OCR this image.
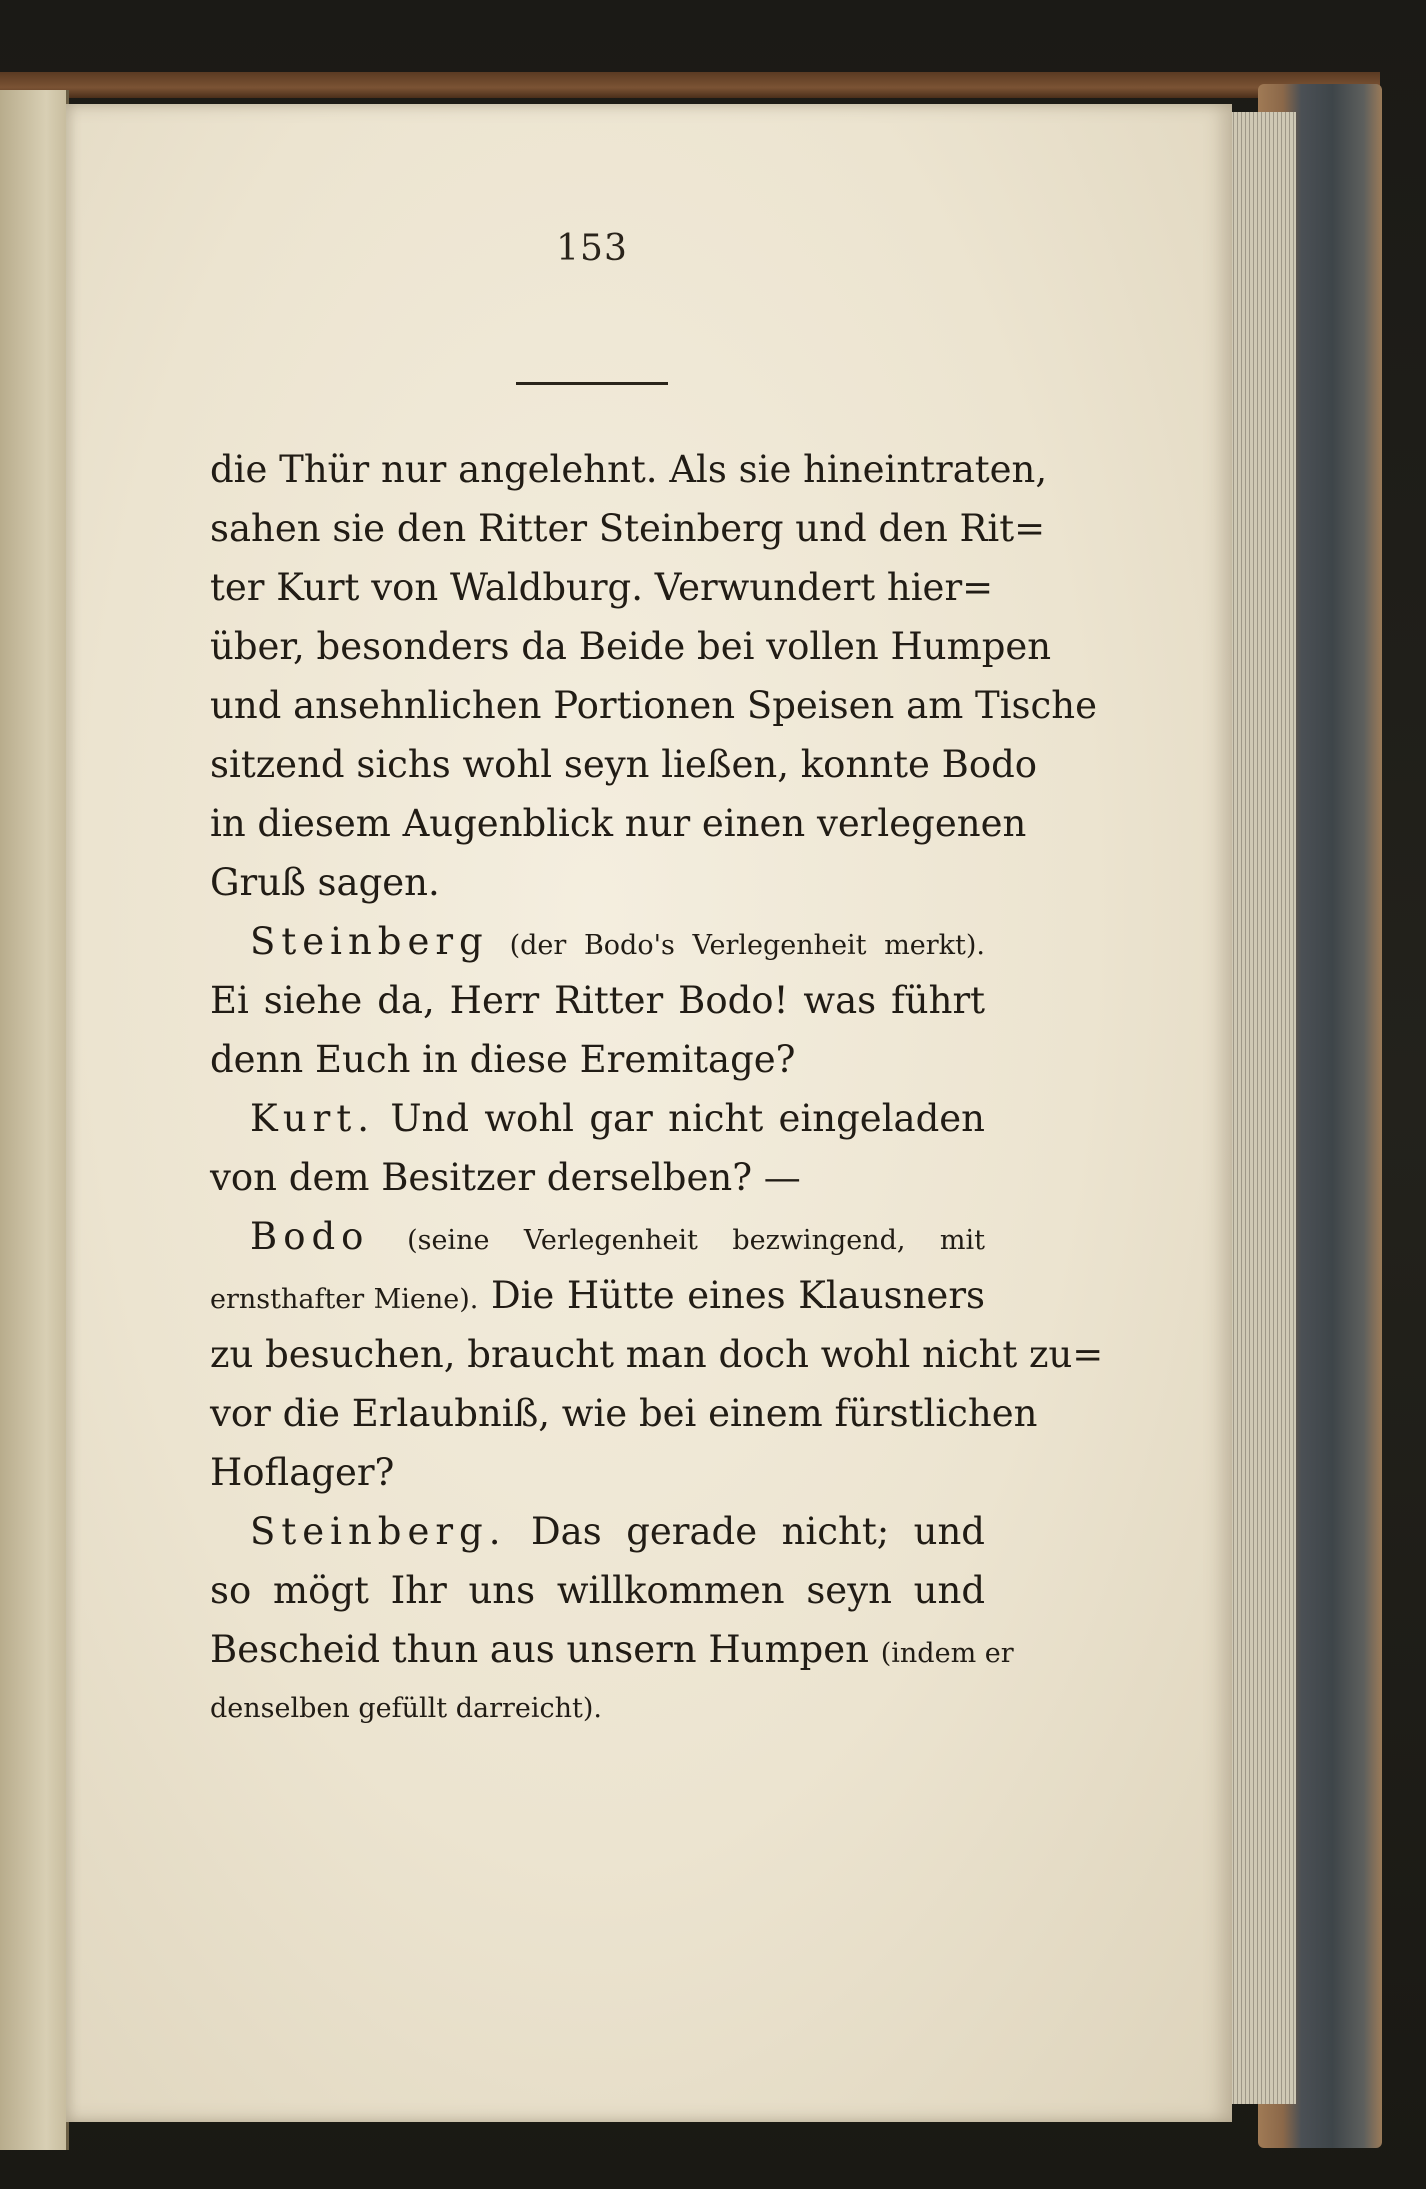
153
die Thür nur angelehnt. Als sie hineintraten,
sahen sie den Ritter Steinberg und den Rit=
ter Kurt von Waldburg. Verwundert hier=
über, besonders da Beide bei vollen Humpen
und ansehnlichen Portionen Speisen am Tische
sitzend sichs wohl seyn ließen, konnte Bodo
in diesem Augenblick nur einen verlegenen
Gruß sagen.
Steinberg (der Bodo's Verlegenheit merkt).
Ei siehe da, Herr Ritter Bodo! was führt
denn Euch in diese Eremitage?
Kurt. Und wohl gar nicht eingeladen
von dem Besitzer derselben? —
Bodo (seine Verlegenheit bezwingend, mit
ernsthafter Miene). Die Hütte eines Klausners
zu besuchen, braucht man doch wohl nicht zu=
vor die Erlaubniß, wie bei einem fürstlichen
Hoflager?
Steinberg. Das gerade nicht; und
so mögt Ihr uns willkommen seyn und
Bescheid thun aus unsern Humpen (indem er
denselben gefüllt darreicht).
